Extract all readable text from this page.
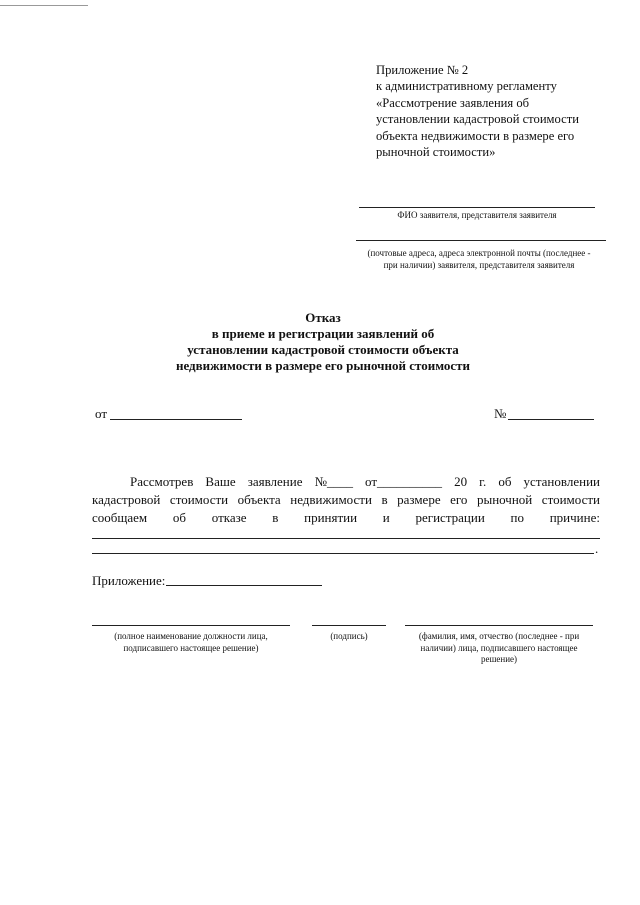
Приложение № 2
к административному регламенту
«Рассмотрение заявления об
установлении кадастровой стоимости
объекта недвижимости в размере его
рыночной стоимости»
ФИО заявителя, представителя заявителя
(почтовые адреса, адреса электронной почты (последнее -
при наличии) заявителя, представителя заявителя
Отказ
в приеме и регистрации заявлений об
установлении кадастровой стоимости объекта
недвижимости в размере его рыночной стоимости
от	№
Рассмотрев Ваше заявление №____ от__________ 20 г. об установлении
кадастровой стоимости объекта недвижимости в размере его рыночной стоимости
сообщаем об отказе в принятии и регистрации по причине:
.
Приложение:
(полное наименование должности лица,
подписавшего настоящее решение)
(подпись)	(фамилия, имя, отчество (последнее - при
наличии) лица, подписавшего настоящее
решение)
